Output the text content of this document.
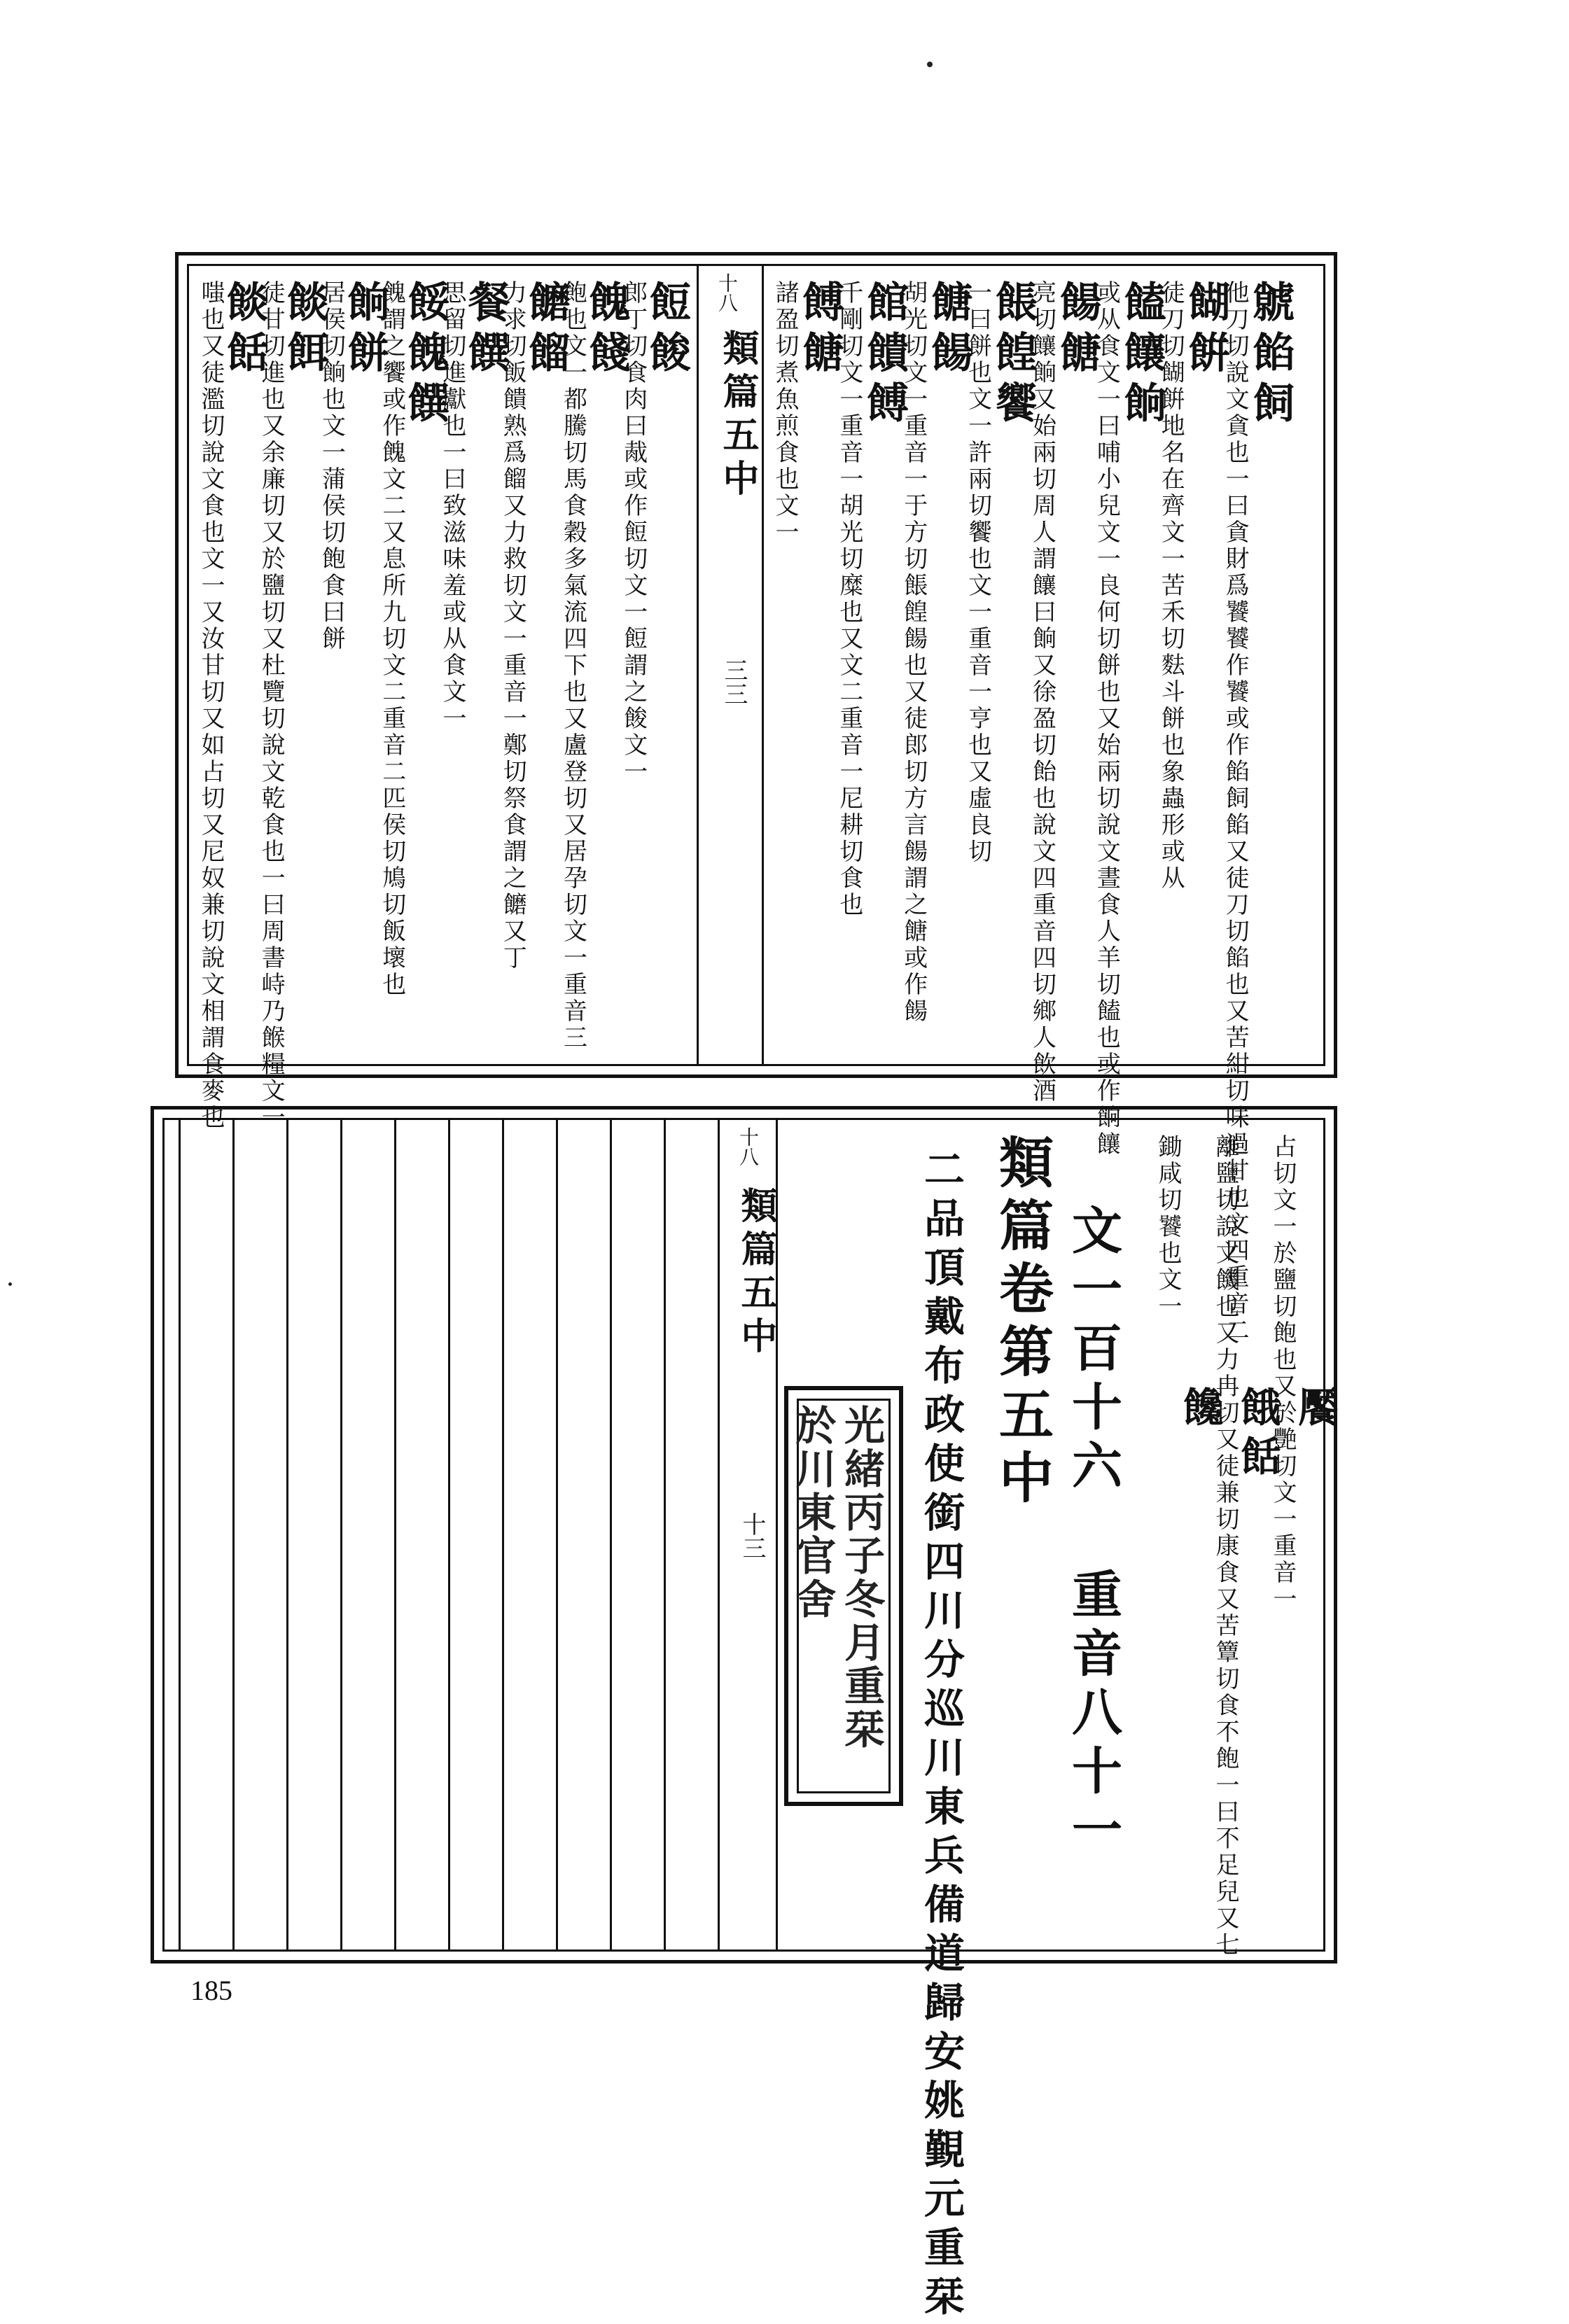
十八
類篇五中
三三
虩餡飼
他刀切說文貪也一曰貪財爲饕饕作饕或作餡飼餡又徒刀切餡也又苦紺切味過甘也文四重音二
餬餠
徒刀切餬餠地名在齊文一苦禾切麮斗餅也象蟲形或从
饁饟餉
或从食文一曰哺小兒文一良何切餅也又始兩切說文晝食人羊切饁也或作餉饟
餳餹
亮切饟餉又始兩切周人謂饟曰餉又徐盈切飴也說文四重音四切鄉人飲酒
餦餭饗
一曰餅也文一許兩切饗也文一重音一亨也又虛良切
餹餳
胡光切文一重音一于方切餦餭餳也又徒郎切方言餳謂之餹或作餳
館饋餺
千剛切文一重音一胡光切糜也又文二重音一尼耕切食也
餺餹
諸盈切煮魚煎食也文一
餖餕
郎丁切食肉曰胾或作餖切文一餖謂之餕文一
餽餞
飽也文一都騰切馬食穀多氣流四下也又盧登切又居孕切文一重音三
饝餾
力求切飯饋熟爲餾又力救切文一重音一鄭切祭食謂之饝又丁
餐饌
思留切進獻也一曰致滋味羞或从食文一
餒餽饌
餽謂之饗或作餽文二又息所九切文二重音二匹侯切鳩切飯壞也
餉餅
居侯切餉也文一蒲侯切飽食曰餅
餤餌
徒甘切進也又余廉切又於鹽切又杜覽切說文乾食也一曰周書峙乃餱糧文一
餤餂
嗤也又徒濫切說文食也文一又汝甘切又如占切又尼奴兼切說文相謂食麥也
十八
類篇五中
十三	光緒丙子冬月重栞於川東官舍	二品頂戴布政使銜四川分巡川東兵備道歸安姚覲元重栞 類篇卷第五中 文一百十六
重音八十一
饜
占切文一於鹽切飽也又於艷切文一重音一
餓餂
離鹽切說文饑也又力冉切又徒兼切康食又苦簟切食不飽一曰不足兒又七
饞
鋤咸切饕也文一
185
